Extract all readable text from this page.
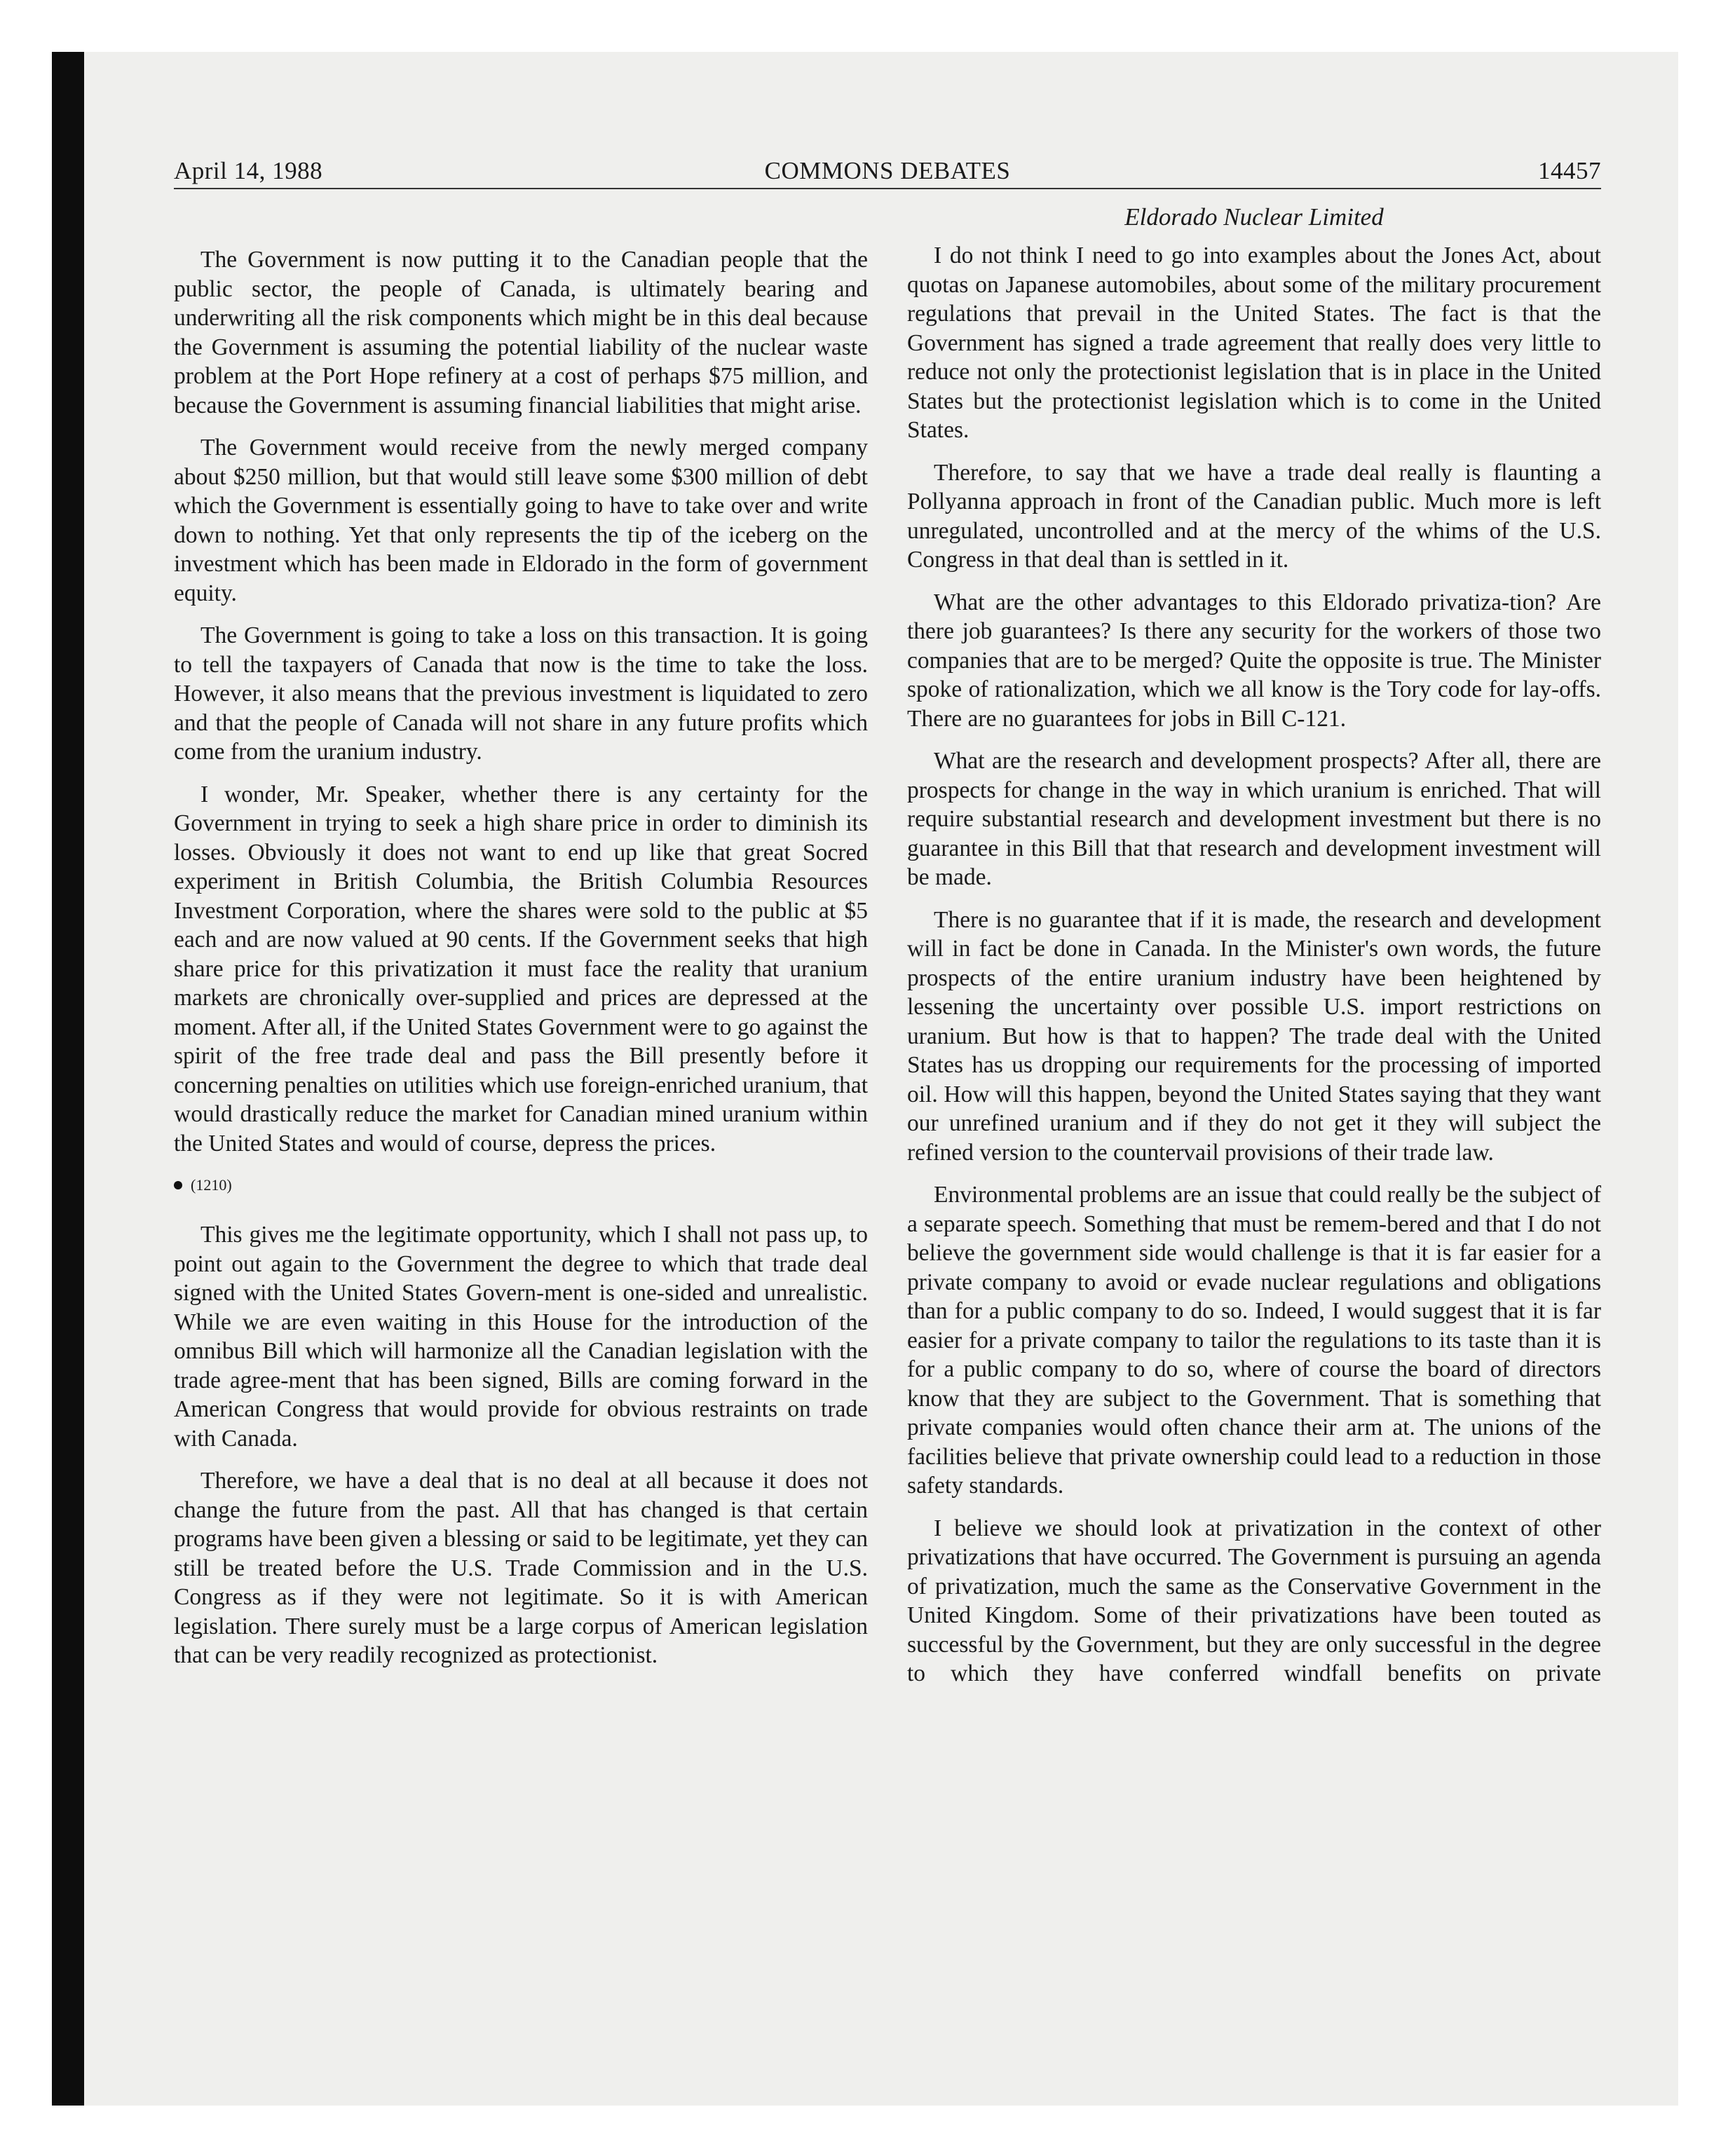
April 14, 1988	COMMONS DEBATES	14457

The Government is now putting it to the Canadian people that the public sector, the people of Canada, is ultimately bearing and underwriting all the risk components which might be in this deal because the Government is assuming the potential liability of the nuclear waste problem at the Port Hope refinery at a cost of perhaps $75 million, and because the Government is assuming financial liabilities that might arise.

The Government would receive from the newly merged company about $250 million, but that would still leave some $300 million of debt which the Government is essentially going to have to take over and write down to nothing. Yet that only represents the tip of the iceberg on the investment which has been made in Eldorado in the form of government equity.

The Government is going to take a loss on this transaction. It is going to tell the taxpayers of Canada that now is the time to take the loss. However, it also means that the previous investment is liquidated to zero and that the people of Canada will not share in any future profits which come from the uranium industry.

I wonder, Mr. Speaker, whether there is any certainty for the Government in trying to seek a high share price in order to diminish its losses. Obviously it does not want to end up like that great Socred experiment in British Columbia, the British Columbia Resources Investment Corporation, where the shares were sold to the public at $5 each and are now valued at 90 cents. If the Government seeks that high share price for this privatization it must face the reality that uranium markets are chronically over-supplied and prices are depressed at the moment. After all, if the United States Government were to go against the spirit of the free trade deal and pass the Bill presently before it concerning penalties on utilities which use foreign-enriched uranium, that would drastically reduce the market for Canadian mined uranium within the United States and would of course, depress the prices.

(1210)

This gives me the legitimate opportunity, which I shall not pass up, to point out again to the Government the degree to which that trade deal signed with the United States Govern-ment is one-sided and unrealistic. While we are even waiting in this House for the introduction of the omnibus Bill which will harmonize all the Canadian legislation with the trade agree-ment that has been signed, Bills are coming forward in the American Congress that would provide for obvious restraints on trade with Canada.

Therefore, we have a deal that is no deal at all because it does not change the future from the past. All that has changed is that certain programs have been given a blessing or said to be legitimate, yet they can still be treated before the U.S. Trade Commission and in the U.S. Congress as if they were not legitimate. So it is with American legislation. There surely must be a large corpus of American legislation that can be very readily recognized as protectionist.

Eldorado Nuclear Limited

I do not think I need to go into examples about the Jones Act, about quotas on Japanese automobiles, about some of the military procurement regulations that prevail in the United States. The fact is that the Government has signed a trade agreement that really does very little to reduce not only the protectionist legislation that is in place in the United States but the protectionist legislation which is to come in the United States.

Therefore, to say that we have a trade deal really is flaunting a Pollyanna approach in front of the Canadian public. Much more is left unregulated, uncontrolled and at the mercy of the whims of the U.S. Congress in that deal than is settled in it.

What are the other advantages to this Eldorado privatiza-tion? Are there job guarantees? Is there any security for the workers of those two companies that are to be merged? Quite the opposite is true. The Minister spoke of rationalization, which we all know is the Tory code for lay-offs. There are no guarantees for jobs in Bill C-121.

What are the research and development prospects? After all, there are prospects for change in the way in which uranium is enriched. That will require substantial research and development investment but there is no guarantee in this Bill that that research and development investment will be made.

There is no guarantee that if it is made, the research and development will in fact be done in Canada. In the Minister's own words, the future prospects of the entire uranium industry have been heightened by lessening the uncertainty over possible U.S. import restrictions on uranium. But how is that to happen? The trade deal with the United States has us dropping our requirements for the processing of imported oil. How will this happen, beyond the United States saying that they want our unrefined uranium and if they do not get it they will subject the refined version to the countervail provisions of their trade law.

Environmental problems are an issue that could really be the subject of a separate speech. Something that must be remem-bered and that I do not believe the government side would challenge is that it is far easier for a private company to avoid or evade nuclear regulations and obligations than for a public company to do so. Indeed, I would suggest that it is far easier for a private company to tailor the regulations to its taste than it is for a public company to do so, where of course the board of directors know that they are subject to the Government. That is something that private companies would often chance their arm at. The unions of the facilities believe that private ownership could lead to a reduction in those safety standards.

I believe we should look at privatization in the context of other privatizations that have occurred. The Government is pursuing an agenda of privatization, much the same as the Conservative Government in the United Kingdom. Some of their privatizations have been touted as successful by the Government, but they are only successful in the degree to which they have conferred windfall benefits on private
